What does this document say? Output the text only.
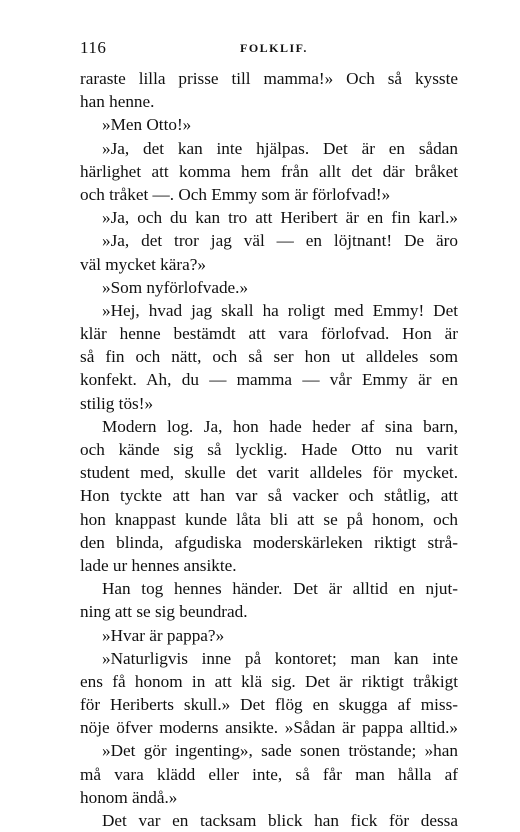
116	FOLKLIF.
raraste lilla prisse till mamma!» Och så kysste
han henne.
»Men Otto!»
»Ja, det kan inte hjälpas. Det är en sådan
härlighet att komma hem från allt det där bråket
och tråket —. Och Emmy som är förlofvad!»
»Ja, och du kan tro att Heribert är en fin karl.»
»Ja, det tror jag väl — en löjtnant! De äro
väl mycket kära?»
»Som nyförlofvade.»
»Hej, hvad jag skall ha roligt med Emmy! Det
klär henne bestämdt att vara förlofvad. Hon är
så fin och nätt, och så ser hon ut alldeles som
konfekt. Ah, du — mamma — vår Emmy är en
stilig tös!»
Modern log. Ja, hon hade heder af sina barn,
och kände sig så lycklig. Hade Otto nu varit
student med, skulle det varit alldeles för mycket.
Hon tyckte att han var så vacker och ståtlig, att
hon knappast kunde låta bli att se på honom, och
den blinda, afgudiska moderskärleken riktigt strå-
lade ur hennes ansikte.
Han tog hennes händer. Det är alltid en njut-
ning att se sig beundrad.
»Hvar är pappa?»
»Naturligvis inne på kontoret; man kan inte
ens få honom in att klä sig. Det är riktigt tråkigt
för Heriberts skull.» Det flög en skugga af miss-
nöje öfver moderns ansikte. »Sådan är pappa alltid.»
»Det gör ingenting», sade sonen tröstande; »han
må vara klädd eller inte, så får man hålla af
honom ändå.»
Det var en tacksam blick han fick för dessa
